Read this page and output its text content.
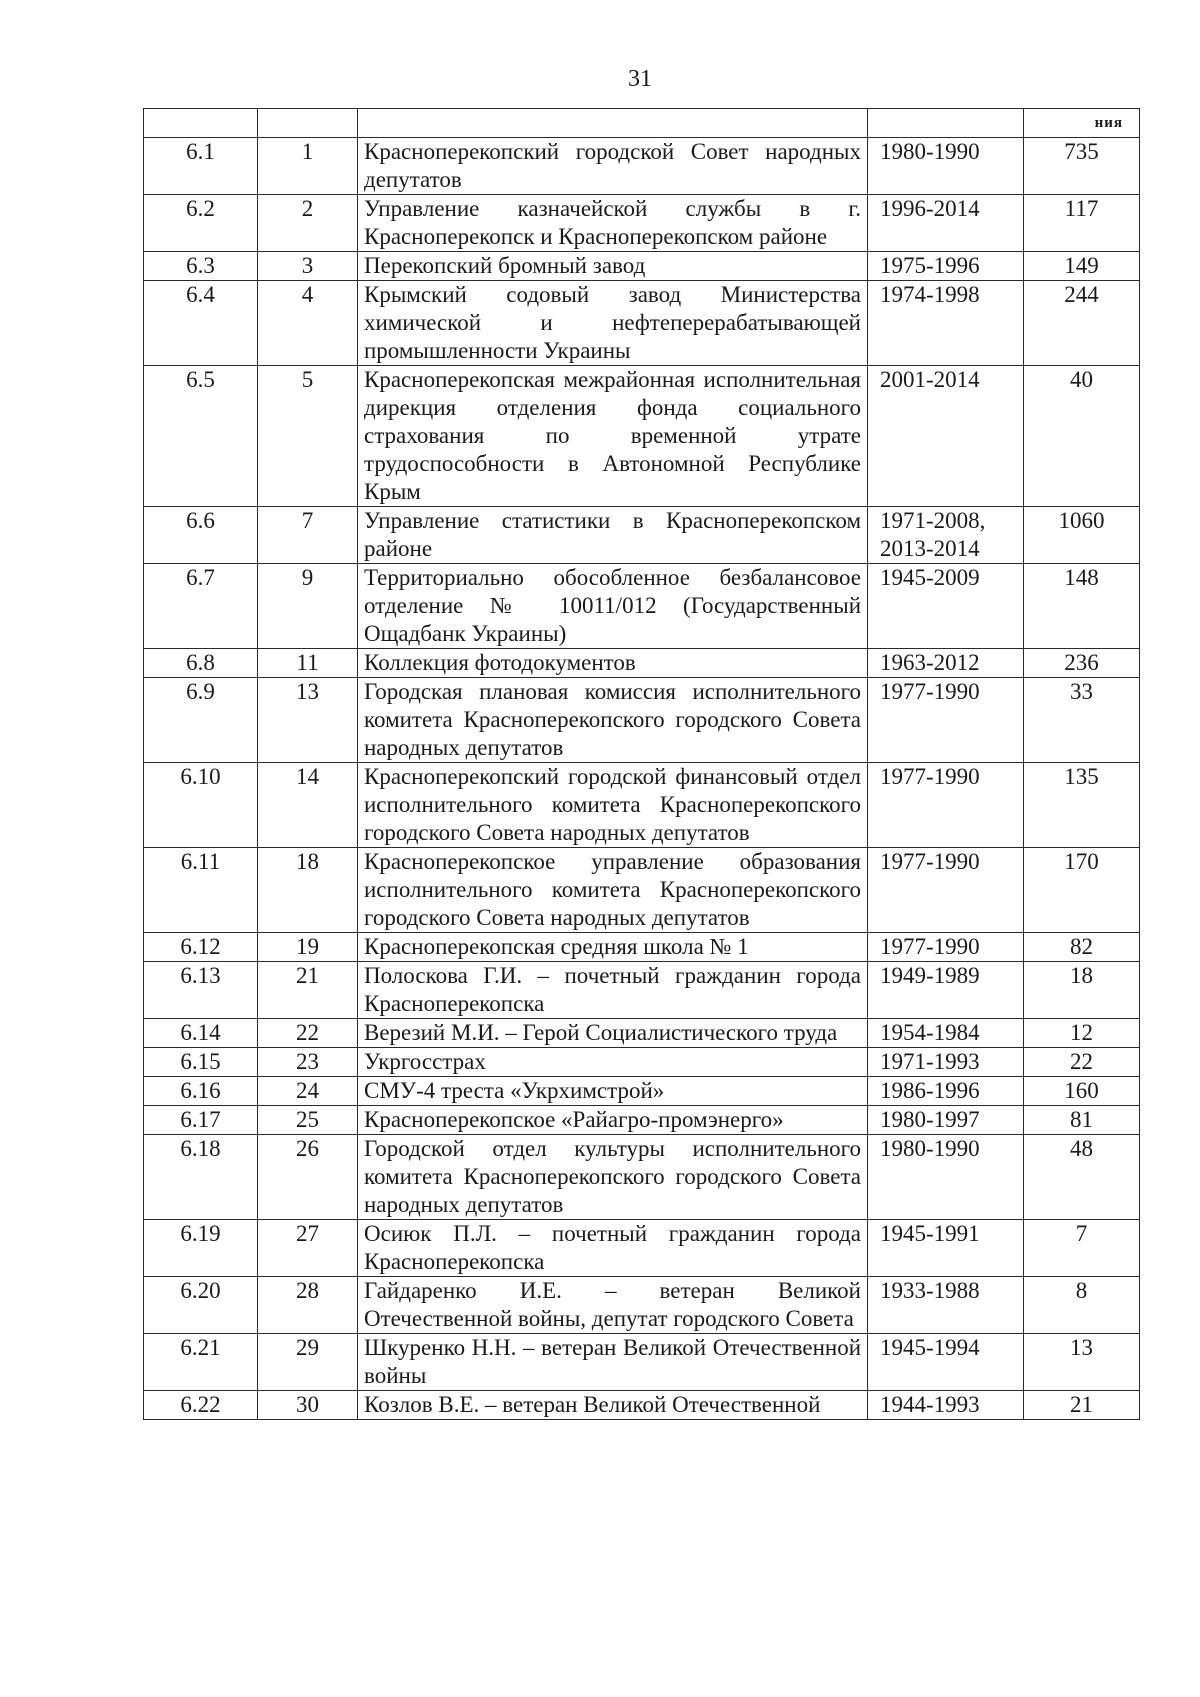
31

				ния

6.1	1	Красноперекопский городской Совет народных депутатов	1980-1990	735
6.2	2	Управление казначейской службы в г. Красноперекопск и Красноперекопском районе	1996-2014	117
6.3	3	Перекопский бромный завод	1975-1996	149
6.4	4	Крымский содовый завод Министерства химической и нефтеперерабатывающей промышленности Украины	1974-1998	244
6.5	5	Красноперекопская межрайонная исполнительная дирекция отделения фонда социального страхования по временной утрате трудоспособности в Автономной Республике Крым	2001-2014	40
6.6	7	Управление статистики в Красноперекопском районе	1971-2008, 2013-2014	1060
6.7	9	Территориально обособленное безбалансовое отделение № 10011/012 (Государственный Ощадбанк Украины)	1945-2009	148
6.8	11	Коллекция фотодокументов	1963-2012	236
6.9	13	Городская плановая комиссия исполнительного комитета Красноперекопского городского Совета народных депутатов	1977-1990	33
6.10	14	Красноперекопский городской финансовый отдел исполнительного комитета Красноперекопского городского Совета народных депутатов	1977-1990	135
6.11	18	Красноперекопское управление образования исполнительного комитета Красноперекопского городского Совета народных депутатов	1977-1990	170
6.12	19	Красноперекопская средняя школа № 1	1977-1990	82
6.13	21	Полоскова Г.И. – почетный гражданин города Красноперекопска	1949-1989	18
6.14	22	Верезий М.И. – Герой Социалистического труда	1954-1984	12
6.15	23	Укргосстрах	1971-1993	22
6.16	24	СМУ-4 треста «Укрхимстрой»	1986-1996	160
6.17	25	Красноперекопское «Райагро-промэнерго»	1980-1997	81
6.18	26	Городской отдел культуры исполнительного комитета Красноперекопского городского Совета народных депутатов	1980-1990	48
6.19	27	Осиюк П.Л. – почетный гражданин города Красноперекопска	1945-1991	7
6.20	28	Гайдаренко И.Е. – ветеран Великой Отечественной войны, депутат городского Совета	1933-1988	8
6.21	29	Шкуренко Н.Н. – ветеран Великой Отечественной войны	1945-1994	13
6.22	30	Козлов В.Е. – ветеран Великой Отечественной	1944-1993	21
